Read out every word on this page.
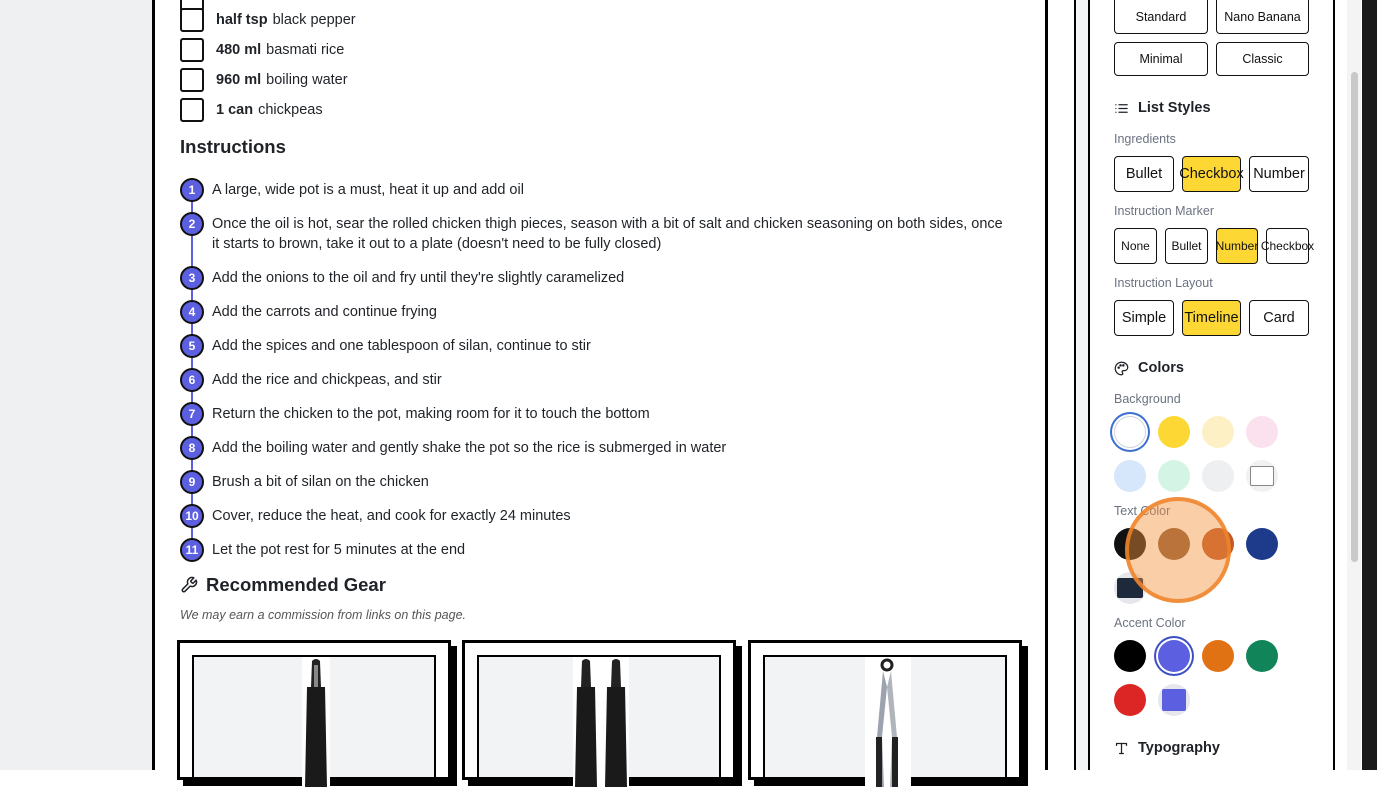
half tsp black pepper
480 ml basmati rice
960 ml boiling water
1 can chickpeas
Instructions
1	A large, wide pot is a must, heat it up and add oil
2	Once the oil is hot, sear the rolled chicken thigh pieces, season with a bit of salt and chicken seasoning on both sides, once it starts to brown, take it out to a plate (doesn't need to be fully closed)
3	Add the onions to the oil and fry until they're slightly caramelized
4	Add the carrots and continue frying
5	Add the spices and one tablespoon of silan, continue to stir
6	Add the rice and chickpeas, and stir
7	Return the chicken to the pot, making room for it to touch the bottom
8	Add the boiling water and gently shake the pot so the rice is submerged in water
9	Brush a bit of silan on the chicken
10 Cover, reduce the heat, and cook for exactly 24 minutes
11 Let the pot rest for 5 minutes at the end
Recommended Gear
We may earn a commission from links on this page.
Standard	Nano Banana
Minimal	Classic
List Styles
Ingredients
Bullet	Checkbox Number
Instruction Marker
None	Bullet	Number Checkbox
Instruction Layout
Simple	Timeline	Card
Colors
Background
Text Color
Accent Color
Typography
